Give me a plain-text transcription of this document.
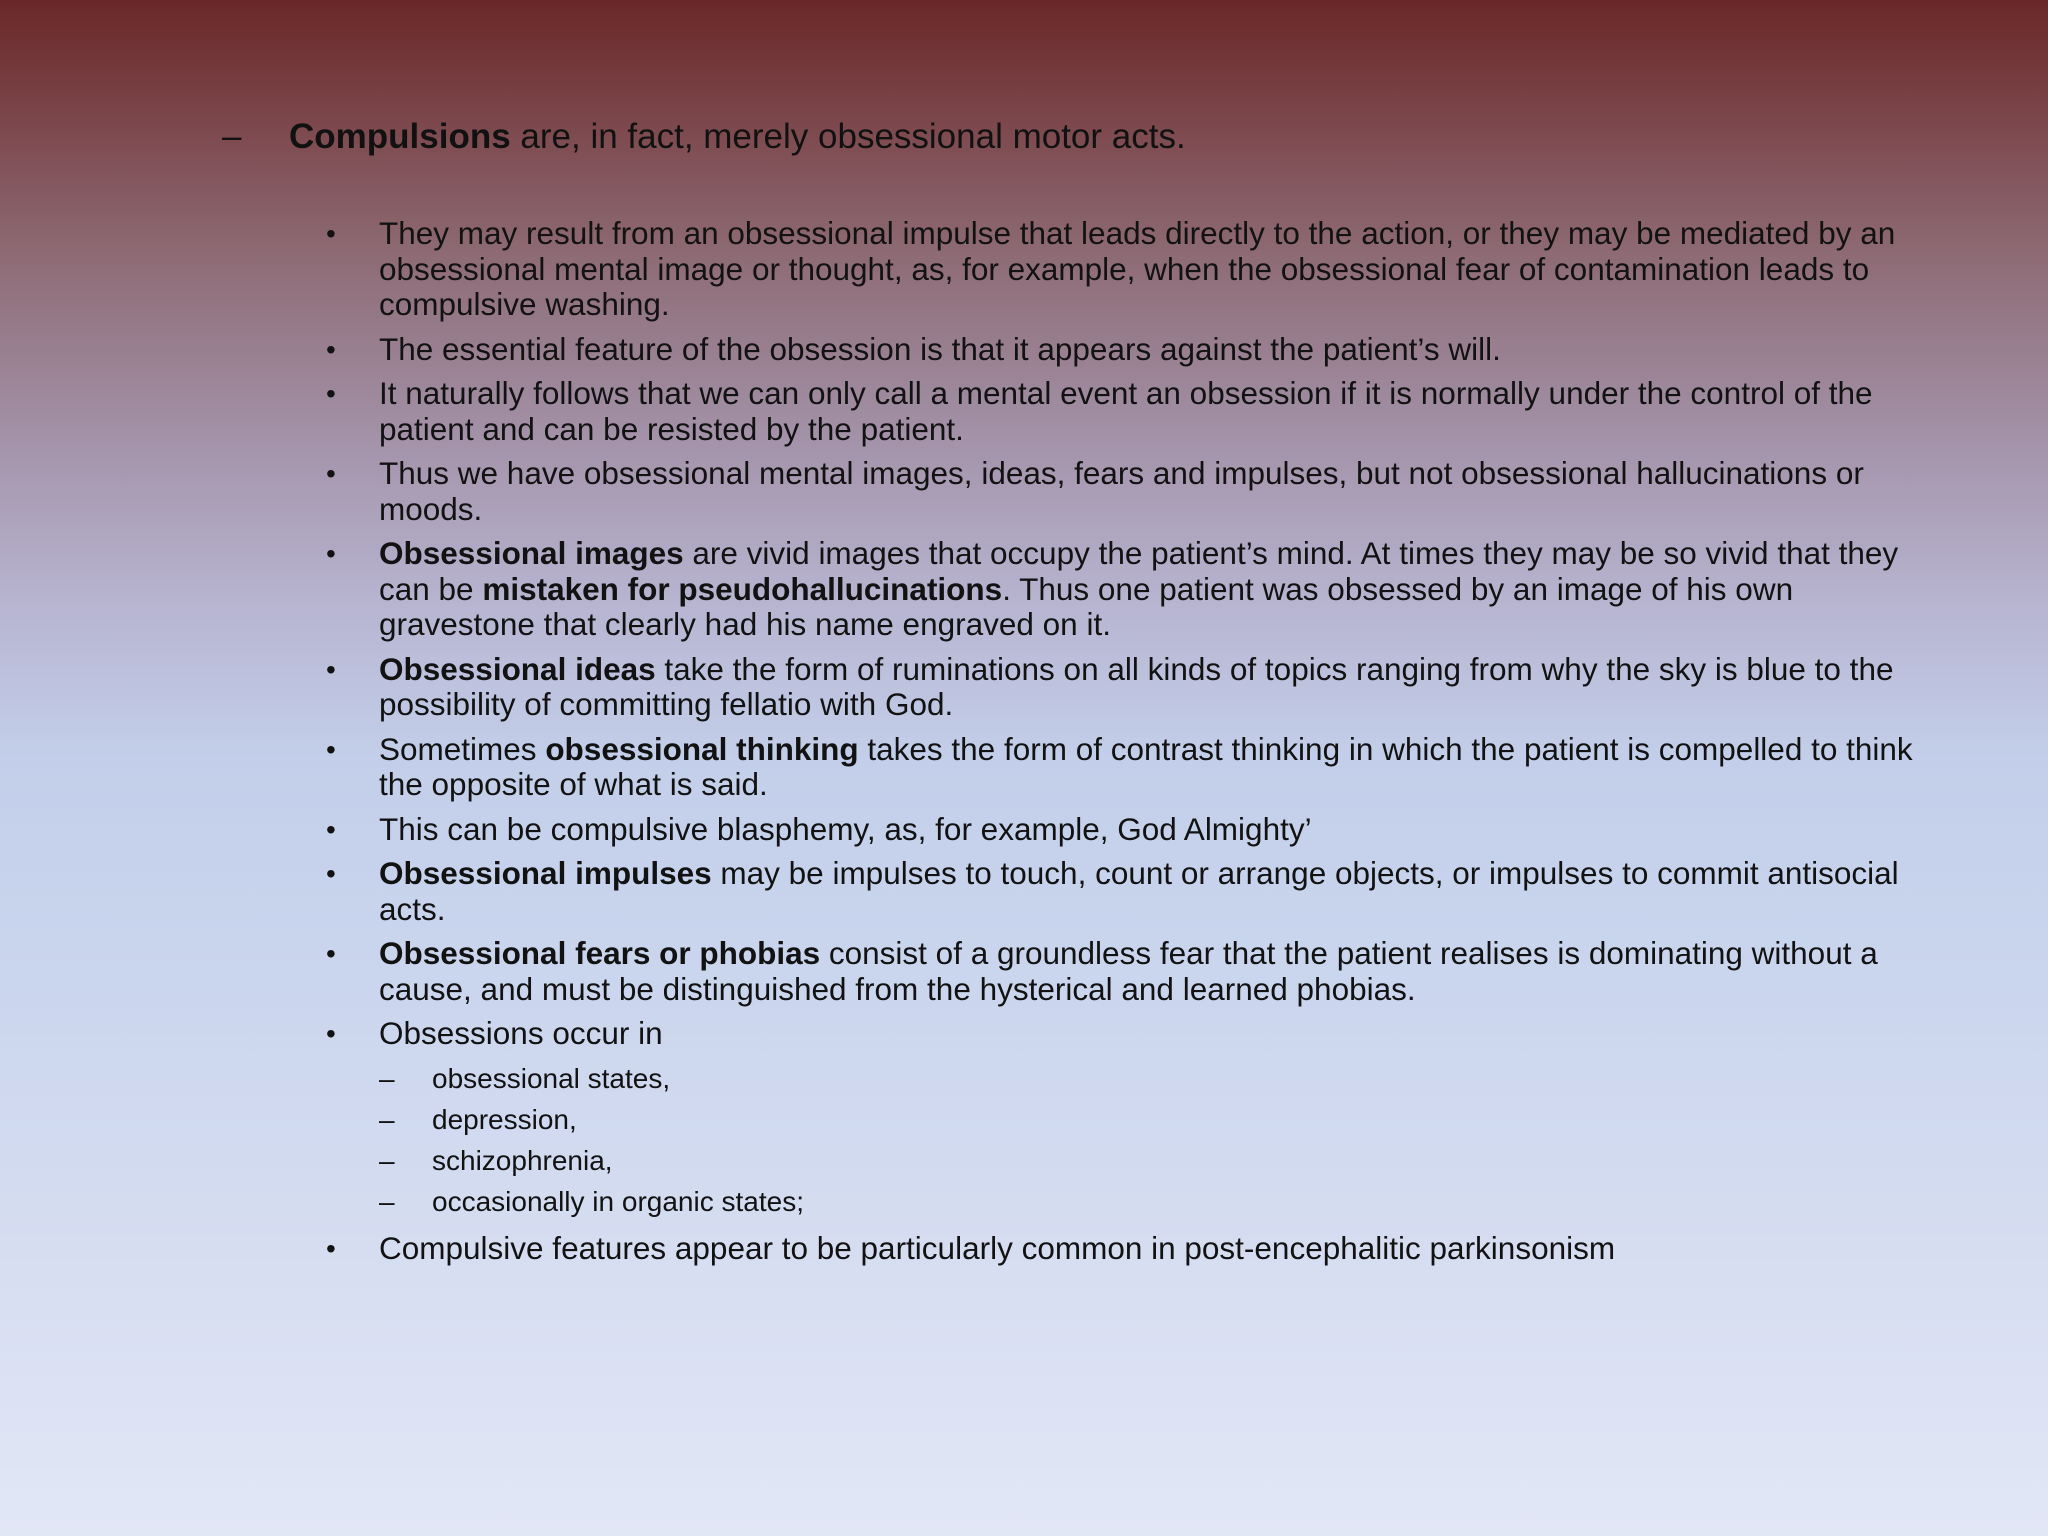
– Compulsions are, in fact, merely obsessional motor acts.
• They may result from an obsessional impulse that leads directly to the action, or they may be mediated by an obsessional mental image or thought, as, for example, when the obsessional fear of contamination leads to compulsive washing.
• The essential feature of the obsession is that it appears against the patient’s will.
• It naturally follows that we can only call a mental event an obsession if it is normally under the control of the patient and can be resisted by the patient.
• Thus we have obsessional mental images, ideas, fears and impulses, but not obsessional hallucinations or moods.
• Obsessional images are vivid images that occupy the patient’s mind. At times they may be so vivid that they can be mistaken for pseudohallucinations. Thus one patient was obsessed by an image of his own gravestone that clearly had his name engraved on it.
• Obsessional ideas take the form of ruminations on all kinds of topics ranging from why the sky is blue to the possibility of committing fellatio with God.
• Sometimes obsessional thinking takes the form of contrast thinking in which the patient is compelled to think the opposite of what is said.
• This can be compulsive blasphemy, as, for example, God Almighty’
• Obsessional impulses may be impulses to touch, count or arrange objects, or impulses to commit antisocial acts.
• Obsessional fears or phobias consist of a groundless fear that the patient realises is dominating without a cause, and must be distinguished from the hysterical and learned phobias.
• Obsessions occur in
– obsessional states,
– depression,
– schizophrenia,
– occasionally in organic states;
• Compulsive features appear to be particularly common in post-encephalitic parkinsonism
